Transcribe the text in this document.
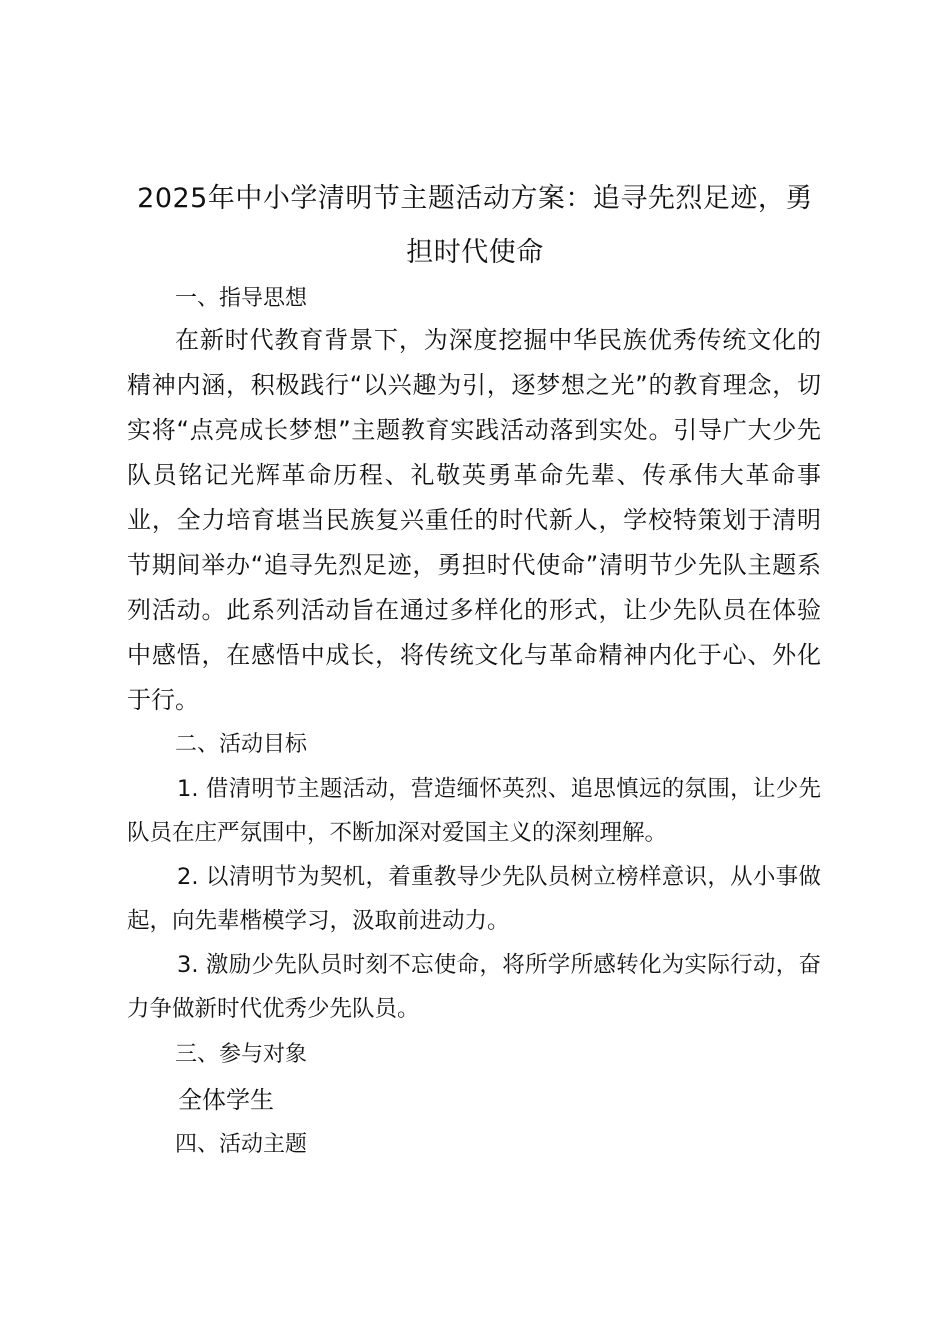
2025年中小学清明节主题活动方案：追寻先烈足迹，勇担时代使命

一、指导思想

在新时代教育背景下，为深度挖掘中华民族优秀传统文化的精神内涵，积极践行“以兴趣为引，逐梦想之光”的教育理念，切实将“点亮成长梦想”主题教育实践活动落到实处。引导广大少先队员铭记光辉革命历程、礼敬英勇革命先辈、传承伟大革命事业，全力培育堪当民族复兴重任的时代新人，学校特策划于清明节期间举办“追寻先烈足迹，勇担时代使命”清明节少先队主题系列活动。此系列活动旨在通过多样化的形式，让少先队员在体验中感悟，在感悟中成长，将传统文化与革命精神内化于心、外化于行。

二、活动目标

1. 借清明节主题活动，营造缅怀英烈、追思慎远的氛围，让少先队员在庄严氛围中，不断加深对爱国主义的深刻理解。

2. 以清明节为契机，着重教导少先队员树立榜样意识，从小事做起，向先辈楷模学习，汲取前进动力。

3. 激励少先队员时刻不忘使命，将所学所感转化为实际行动，奋力争做新时代优秀少先队员。

三、参与对象

全体学生

四、活动主题
